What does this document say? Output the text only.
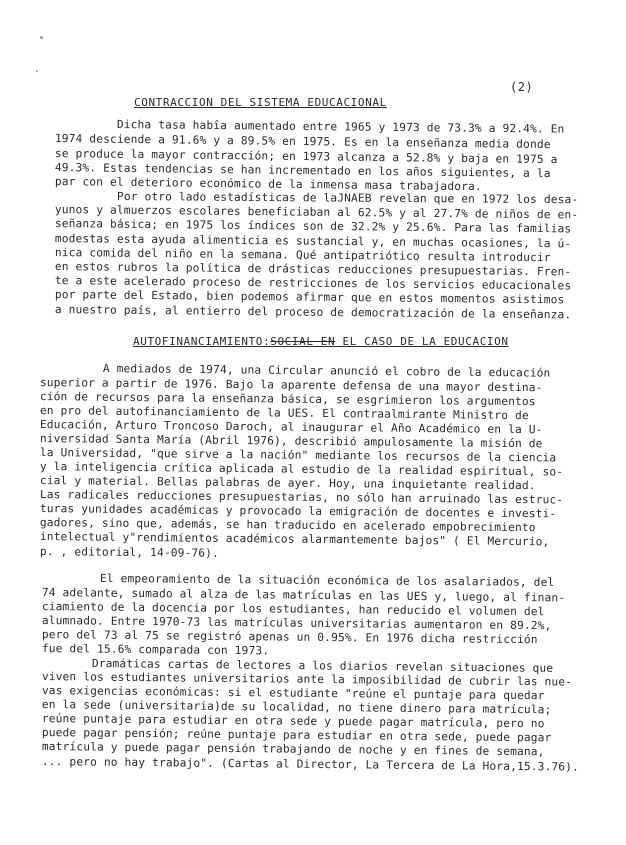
(2)
CONTRACCION DEL SISTEMA EDUCACIONAL
Dicha tasa habîa aumentado entre 1965 y 1973 de 73.3% a 92.4%. En
1974 desciende a 91.6% y a 89.5% en 1975. Es en la enseñanza media donde
se produce la mayor contracción; en 1973 alcanza a 52.8% y baja en 1975 a
49.3%. Estas tendencias se han incrementado en los años siguientes, a la
par con el deterioro económico de la inmensa masa trabajadora.
Por otro lado estadísticas de laJNAEB revelan que en 1972 los desa-
yunos y almuerzos escolares beneficiaban al 62.5% y al 27.7% de niños de en-
señanza básica; en 1975 los índices son de 32.2% y 25.6%. Para las familias
modestas esta ayuda alimenticia es sustancial y, en muchas ocasiones, la ú-
nica comida del niño en la semana. Qué antipatriótico resulta introducir
en estos rubros la política de drásticas reducciones presupuestarias. Fren-
te a este acelerado proceso de restricciones de los servicios educacionales
por parte del Estado, bien podemos afirmar que en estos momentos asistimos
a nuestro país, al entierro del proceso de democratización de la enseñanza.
AUTOFINANCIAMIENTO:SOCIAL EN EL CASO DE LA EDUCACION
A mediados de 1974, una Circular anunció el cobro de la educación
superior a partir de 1976. Bajo la aparente defensa de una mayor destina-
ción de recursos para la enseñanza básica, se esgrimieron los argumentos
en pro del autofinanciamiento de la UES. El contraalmirante Ministro de
Educación, Arturo Troncoso Daroch, al inaugurar el Año Académico en la U-
niversidad Santa María (Abril 1976), describió ampulosamente la misión de
la Universidad, "que sirve a la nación" mediante los recursos de la ciencia
y la inteligencia crítica aplicada al estudio de la realidad espiritual, so-
cial y material. Bellas palabras de ayer. Hoy, una inquietante realidad.
Las radicales reducciones presupuestarias, no sólo han arruinado las estruc-
turas yunidades académicas y provocado la emigración de docentes e investi-
gadores, sino que, además, se han traducido en acelerado empobrecimiento
intelectual y"rendimientos académicos alarmantemente bajos" ( El Mercurio,
p. , editorial, 14-09-76).
El empeoramiento de la situación económica de los asalariados, del
74 adelante, sumado al alza de las matrículas en las UES y, luego, al finan-
ciamiento de la docencia por los estudiantes, han reducido el volumen del
alumnado. Entre 1970-73 las matrículas universitarias aumentaron en 89.2%,
pero del 73 al 75 se registró apenas un 0.95%. En 1976 dicha restricción
fue del 15.6% comparada con 1973.
Dramáticas cartas de lectores a los diarios revelan situaciones que
viven los estudiantes universitarios ante la imposibilidad de cubrir las nue-
vas exigencias económicas: si el estudiante "reúne el puntaje para quedar
en la sede (universitaria)de su localidad, no tiene dinero para matrícula;
reúne puntaje para estudiar en otra sede y puede pagar matrícula, pero no
puede pagar pensión; reúne puntaje para estudiar en otra sede, puede pagar
matrícula y puede pagar pensión trabajando de noche y en fines de semana,
... pero no hay trabajo". (Cartas al Director, La Tercera de La Hora,15.3.76).
